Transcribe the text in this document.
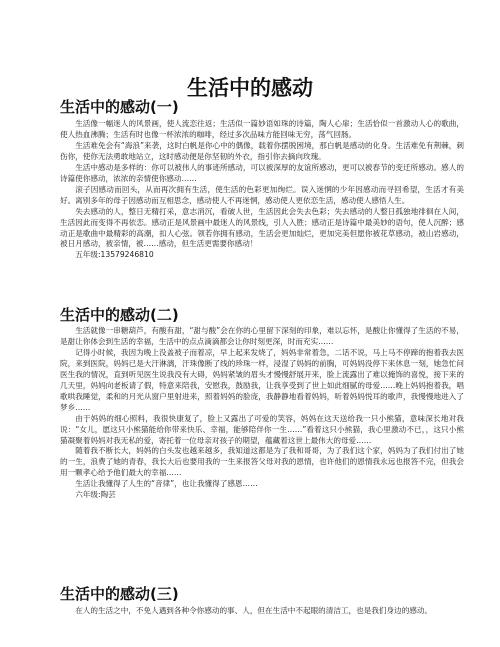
生活中的感动
生活中的感动(一)

生活像一幅迷人的风景画，使人流恋往返；生活似一篇妙语如珠的诗篇，陶人心扉；生活恰似一首激动人心的歌曲，使人热血沸腾；生活有时也像一杯浓浓的咖啡，经过多次品味方能回味无穷，荡气回肠。

生活难免会有“海浪”来袭，这时白帆是你心中的偶像，载着你摆脱困境，那白帆是感动的化身。生活难免有荆棘，刺伤你，使你无法勇敢地站立，这时感动便是你坚韧的外衣，指引你去摘向玫瑰。

生活中感动是多样的：你可以被伟人的事迹所感动，可以被深厚的友谊所感动，更可以被春节的变迁所感动。感人的诗篇使你感动，浓浓的亲情使你感动……

滚子因感动而回头，从而再次拥有生活，使生活的色彩更加绚烂。误入迷惘的少年因感动而寻回希望，生活才有美好。离别多年的母子因感动而互相思念，感动使人不再迷惘，感动使人更依恋生活，感动使人感悟人生。

失去感动的人，整日无精打采，意志消沉，看破人世，生活因此会失去色彩；失去感动的人整日孤独地徘徊在人间，生活因此而变得不再依恋。感动正是风景画中最迷人的风景线，引人入胜；感动正是诗篇中最美妙的语句，使人沉醉；感动正是歌曲中最精彩的高潮，扣人心弦。领若你拥有感动，生活会更加灿烂，更加完美但愿你被花草感动，被山岩感动，被日月感动，被亲情，被……感动，但生活更需要你感动！

五年级:13579246810

生活中的感动(二)

生活就像一串糖葫芦，有酸有甜，“甜与酸”会在你的心里留下深刻的印象，难以忘怀，是酸让你懂得了生活的不易，是甜让你体会到生活的幸福，生活中的点点滴滴都会让你时刻更深，时而充实……

记得小时候，我因为晚上没盖被子而着凉，早上起来发烧了，妈妈非常着急，二话不说，马上马不停蹄的抱着我去医院，来到医院，妈妈已是大汗淋漓，汗珠像断了线的珍珠一样，浸湿了妈妈的前胸，可妈妈没停下来休息一刻，她急忙问医生我的情况，直到听见医生说我没有大碍，妈妈紧皱的眉头才慢慢舒展开来，脸上流露出了难以掩饰的喜悦，接下来的几天里，妈妈向老板请了假，特意来陪我，安慰我，鼓励我，让我享受到了世上如此细腻的母爱……晚上妈妈抱着我，唱歌哄我睡觉，柔和的月光从窗户里射进来，照着妈妈的脸庞，我静静地看着妈妈，听着妈妈悦耳的歌声，我慢慢地进入了梦乡……

由于妈妈的细心照料，我很快康复了，脸上又露出了可爱的笑容，妈妈在这天送给我一只小熊猫，意味深长地对我说：“女儿，愿这只小熊猫能给你带来快乐、幸福，能够陪伴你一生……”看着这只小熊猫，我心里激动不已，，这只小熊猫凝聚着妈妈对我无私的爱，寄托着一位母亲对孩子的期望，蕴藏着这世上最伟大的母爱……

随着我不断长大，妈妈的白头发也越来越多，我知道这都是为了我和哥哥，为了我们这个家，妈妈为了我们付出了她的一生，浪费了她的青春，我长大后也要用我的一生来报答父母对我的恩情，也许他们的恩情我永远也报答不完，但我会用一颗孝心给予他们最大的幸福……

生活让我懂得了人生的“音律”，也让我懂得了感恩……

六年级:陶芸

生活中的感动(三)

在人的生活之中，不免人遇到各种令你感动的事、人，但在生活中不起眼的清洁工，也是我们身边的感动。
